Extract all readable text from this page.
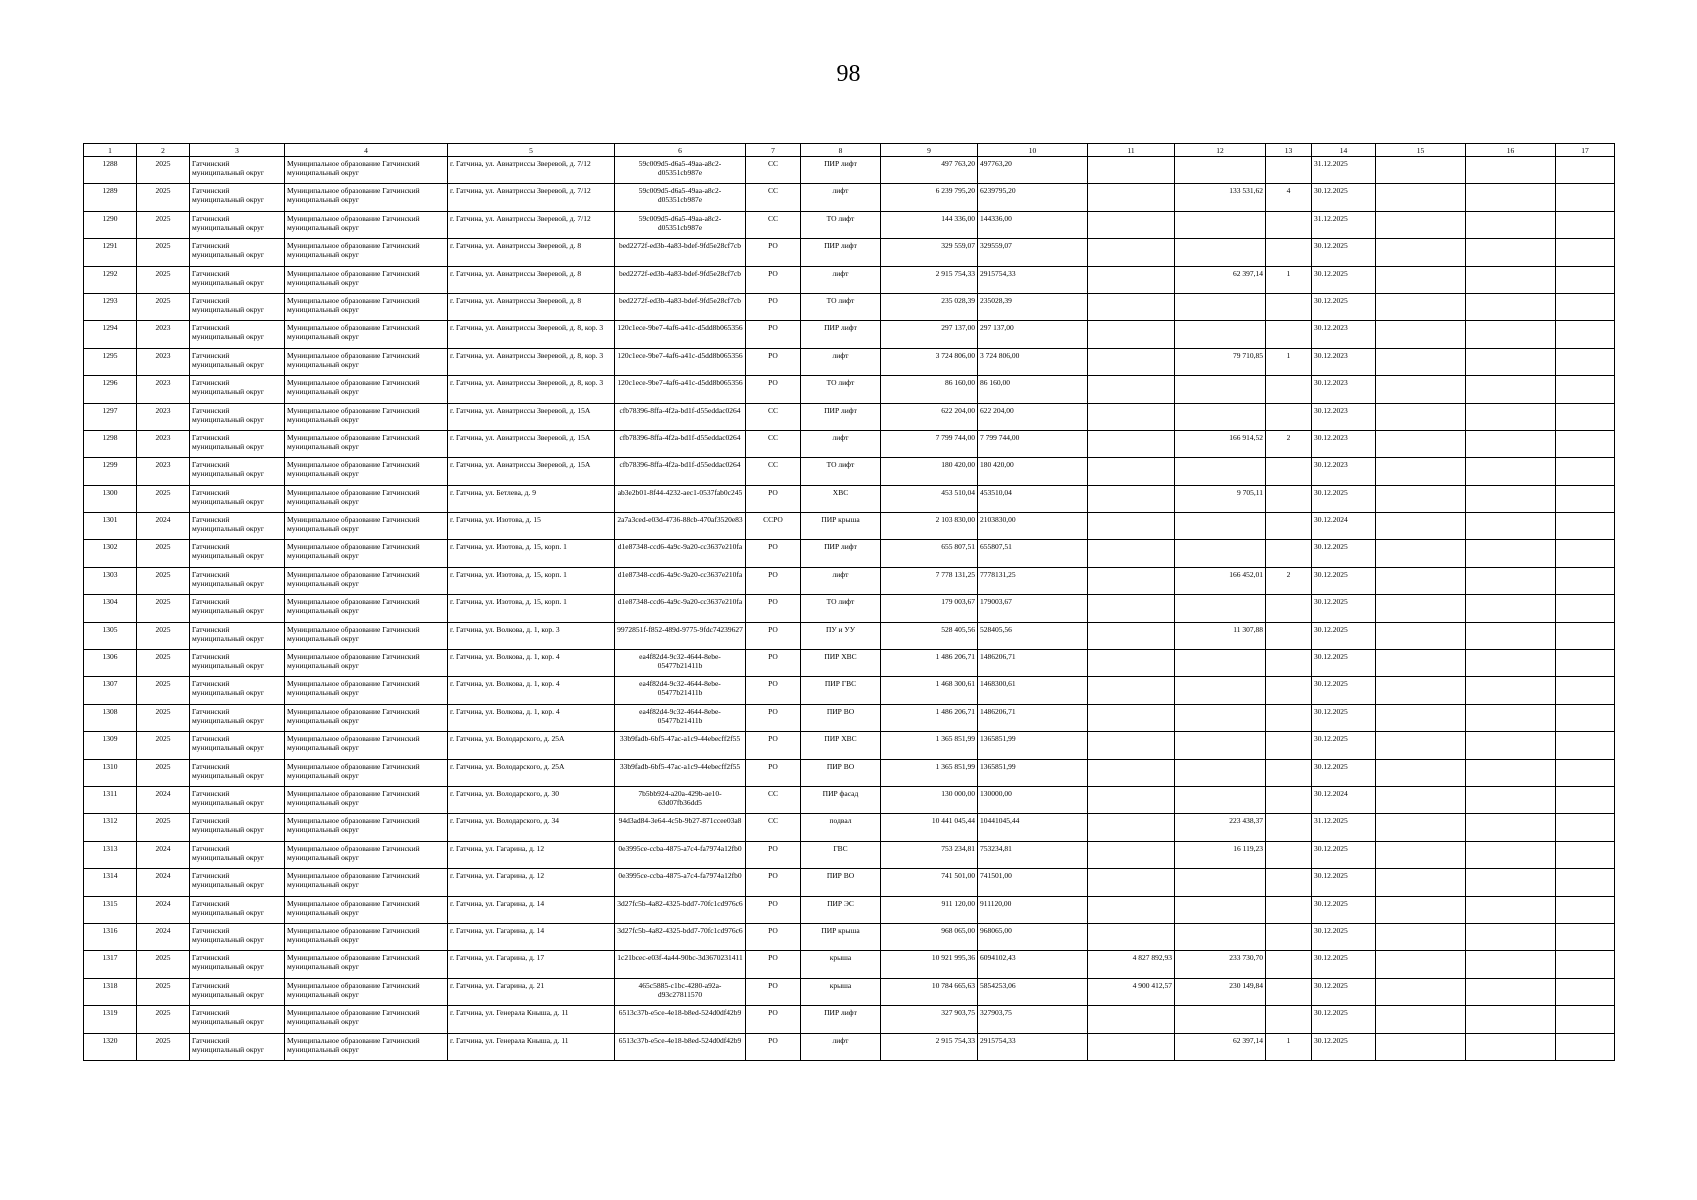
98
1	2	3	4	5	6	7	8	9	10	11	12	13	14	15	16	17
1288	2025	Гатчинский муниципальный округ	Муниципальное образование Гатчинский муниципальный округ	г. Гатчина, ул. Авиатриссы Зверевой, д. 7/12	59c009d5-d6a5-49aa-a8c2-d05351cb987e	СС	ПИР лифт	497 763,20	497763,20				31.12.2025			
1289	2025	Гатчинский муниципальный округ	Муниципальное образование Гатчинский муниципальный округ	г. Гатчина, ул. Авиатриссы Зверевой, д. 7/12	59c009d5-d6a5-49aa-a8c2-d05351cb987e	СС	лифт	6 239 795,20	6239795,20		133 531,62	4	30.12.2025			
1290	2025	Гатчинский муниципальный округ	Муниципальное образование Гатчинский муниципальный округ	г. Гатчина, ул. Авиатриссы Зверевой, д. 7/12	59c009d5-d6a5-49aa-a8c2-d05351cb987e	СС	ТО лифт	144 336,00	144336,00				31.12.2025			
1291	2025	Гатчинский муниципальный округ	Муниципальное образование Гатчинский муниципальный округ	г. Гатчина, ул. Авиатриссы Зверевой, д. 8	bed2272f-ed3b-4a83-bdef-9fd5e28cf7cb	РО	ПИР лифт	329 559,07	329559,07				30.12.2025			
1292	2025	Гатчинский муниципальный округ	Муниципальное образование Гатчинский муниципальный округ	г. Гатчина, ул. Авиатриссы Зверевой, д. 8	bed2272f-ed3b-4a83-bdef-9fd5e28cf7cb	РО	лифт	2 915 754,33	2915754,33		62 397,14	1	30.12.2025			
1293	2025	Гатчинский муниципальный округ	Муниципальное образование Гатчинский муниципальный округ	г. Гатчина, ул. Авиатриссы Зверевой, д. 8	bed2272f-ed3b-4a83-bdef-9fd5e28cf7cb	РО	ТО лифт	235 028,39	235028,39				30.12.2025			
1294	2023	Гатчинский муниципальный округ	Муниципальное образование Гатчинский муниципальный округ	г. Гатчина, ул. Авиатриссы Зверевой, д. 8, кор. 3	120c1ece-9be7-4af6-a41c-d5dd8b065356	РО	ПИР лифт	297 137,00	297 137,00				30.12.2023			
1295	2023	Гатчинский муниципальный округ	Муниципальное образование Гатчинский муниципальный округ	г. Гатчина, ул. Авиатриссы Зверевой, д. 8, кор. 3	120c1ece-9be7-4af6-a41c-d5dd8b065356	РО	лифт	3 724 806,00	3 724 806,00		79 710,85	1	30.12.2023			
1296	2023	Гатчинский муниципальный округ	Муниципальное образование Гатчинский муниципальный округ	г. Гатчина, ул. Авиатриссы Зверевой, д. 8, кор. 3	120c1ece-9be7-4af6-a41c-d5dd8b065356	РО	ТО лифт	86 160,00	86 160,00				30.12.2023			
1297	2023	Гатчинский муниципальный округ	Муниципальное образование Гатчинский муниципальный округ	г. Гатчина, ул. Авиатриссы Зверевой, д. 15А	cfb78396-8ffa-4f2a-bd1f-d55eddac0264	СС	ПИР лифт	622 204,00	622 204,00				30.12.2023			
1298	2023	Гатчинский муниципальный округ	Муниципальное образование Гатчинский муниципальный округ	г. Гатчина, ул. Авиатриссы Зверевой, д. 15А	cfb78396-8ffa-4f2a-bd1f-d55eddac0264	СС	лифт	7 799 744,00	7 799 744,00		166 914,52	2	30.12.2023			
1299	2023	Гатчинский муниципальный округ	Муниципальное образование Гатчинский муниципальный округ	г. Гатчина, ул. Авиатриссы Зверевой, д. 15А	cfb78396-8ffa-4f2a-bd1f-d55eddac0264	СС	ТО лифт	180 420,00	180 420,00				30.12.2023			
1300	2025	Гатчинский муниципальный округ	Муниципальное образование Гатчинский муниципальный округ	г. Гатчина, ул. Бетлева, д. 9	ab3e2b01-8f44-4232-aec1-0537fab0c245	РО	ХВС	453 510,04	453510,04		9 705,11		30.12.2025			
1301	2024	Гатчинский муниципальный округ	Муниципальное образование Гатчинский муниципальный округ	г. Гатчина, ул. Изотова, д. 15	2a7a3ced-e03d-4736-88cb-470af3520e83	ССРО	ПИР крыша	2 103 830,00	2103830,00				30.12.2024			
1302	2025	Гатчинский муниципальный округ	Муниципальное образование Гатчинский муниципальный округ	г. Гатчина, ул. Изотова, д. 15, корп. 1	d1e87348-ccd6-4a9c-9a20-cc3637e210fa	РО	ПИР лифт	655 807,51	655807,51				30.12.2025			
1303	2025	Гатчинский муниципальный округ	Муниципальное образование Гатчинский муниципальный округ	г. Гатчина, ул. Изотова, д. 15, корп. 1	d1e87348-ccd6-4a9c-9a20-cc3637e210fa	РО	лифт	7 778 131,25	7778131,25		166 452,01	2	30.12.2025			
1304	2025	Гатчинский муниципальный округ	Муниципальное образование Гатчинский муниципальный округ	г. Гатчина, ул. Изотова, д. 15, корп. 1	d1e87348-ccd6-4a9c-9a20-cc3637e210fa	РО	ТО лифт	179 003,67	179003,67				30.12.2025			
1305	2025	Гатчинский муниципальный округ	Муниципальное образование Гатчинский муниципальный округ	г. Гатчина, ул. Волкова, д. 1, кор. 3	9972851f-f852-489d-9775-9fdc74239627	РО	ПУ и УУ	528 405,56	528405,56		11 307,88		30.12.2025			
1306	2025	Гатчинский муниципальный округ	Муниципальное образование Гатчинский муниципальный округ	г. Гатчина, ул. Волкова, д. 1, кор. 4	ea4f82d4-9c32-4644-8ebe-05477b21411b	РО	ПИР ХВС	1 486 206,71	1486206,71				30.12.2025			
1307	2025	Гатчинский муниципальный округ	Муниципальное образование Гатчинский муниципальный округ	г. Гатчина, ул. Волкова, д. 1, кор. 4	ea4f82d4-9c32-4644-8ebe-05477b21411b	РО	ПИР ГВС	1 468 300,61	1468300,61				30.12.2025			
1308	2025	Гатчинский муниципальный округ	Муниципальное образование Гатчинский муниципальный округ	г. Гатчина, ул. Волкова, д. 1, кор. 4	ea4f82d4-9c32-4644-8ebe-05477b21411b	РО	ПИР ВО	1 486 206,71	1486206,71				30.12.2025			
1309	2025	Гатчинский муниципальный округ	Муниципальное образование Гатчинский муниципальный округ	г. Гатчина, ул. Володарского, д. 25А	33b9fadb-6bf5-47ac-a1c9-44ebecff2f55	РО	ПИР ХВС	1 365 851,99	1365851,99				30.12.2025			
1310	2025	Гатчинский муниципальный округ	Муниципальное образование Гатчинский муниципальный округ	г. Гатчина, ул. Володарского, д. 25А	33b9fadb-6bf5-47ac-a1c9-44ebecff2f55	РО	ПИР ВО	1 365 851,99	1365851,99				30.12.2025			
1311	2024	Гатчинский муниципальный округ	Муниципальное образование Гатчинский муниципальный округ	г. Гатчина, ул. Володарского, д. 30	7b5bb924-a20a-429b-ae10-63d07fb36dd5	СС	ПИР фасад	130 000,00	130000,00				30.12.2024			
1312	2025	Гатчинский муниципальный округ	Муниципальное образование Гатчинский муниципальный округ	г. Гатчина, ул. Володарского, д. 34	94d3ad84-3e64-4c5b-9b27-871ccee03a8	СС	подвал	10 441 045,44	10441045,44		223 438,37		31.12.2025			
1313	2024	Гатчинский муниципальный округ	Муниципальное образование Гатчинский муниципальный округ	г. Гатчина, ул. Гагарина, д. 12	0e3995ce-ccba-4875-a7c4-fa7974a12fb0	РО	ГВС	753 234,81	753234,81		16 119,23		30.12.2025			
1314	2024	Гатчинский муниципальный округ	Муниципальное образование Гатчинский муниципальный округ	г. Гатчина, ул. Гагарина, д. 12	0e3995ce-ccba-4875-a7c4-fa7974a12fb0	РО	ПИР ВО	741 501,00	741501,00				30.12.2025			
1315	2024	Гатчинский муниципальный округ	Муниципальное образование Гатчинский муниципальный округ	г. Гатчина, ул. Гагарина, д. 14	3d27fc5b-4a82-4325-bdd7-70fc1cd976c6	РО	ПИР ЭС	911 120,00	911120,00				30.12.2025			
1316	2024	Гатчинский муниципальный округ	Муниципальное образование Гатчинский муниципальный округ	г. Гатчина, ул. Гагарина, д. 14	3d27fc5b-4a82-4325-bdd7-70fc1cd976c6	РО	ПИР крыша	968 065,00	968065,00				30.12.2025			
1317	2025	Гатчинский муниципальный округ	Муниципальное образование Гатчинский муниципальный округ	г. Гатчина, ул. Гагарина, д. 17	1c21bcec-e03f-4a44-90bc-3d3670231411	РО	крыша	10 921 995,36	6094102,43	4 827 892,93	233 730,70		30.12.2025			
1318	2025	Гатчинский муниципальный округ	Муниципальное образование Гатчинский муниципальный округ	г. Гатчина, ул. Гагарина, д. 21	465c5885-c1bc-4280-a92a-d93c27811570	РО	крыша	10 784 665,63	5854253,06	4 900 412,57	230 149,84		30.12.2025			
1319	2025	Гатчинский муниципальный округ	Муниципальное образование Гатчинский муниципальный округ	г. Гатчина, ул. Генерала Кныша, д. 11	6513c37b-e5ce-4e18-b8ed-524d0df42b9	РО	ПИР лифт	327 903,75	327903,75				30.12.2025			
1320	2025	Гатчинский муниципальный округ	Муниципальное образование Гатчинский муниципальный округ	г. Гатчина, ул. Генерала Кныша, д. 11	6513c37b-e5ce-4e18-b8ed-524d0df42b9	РО	лифт	2 915 754,33	2915754,33		62 397,14	1	30.12.2025			
